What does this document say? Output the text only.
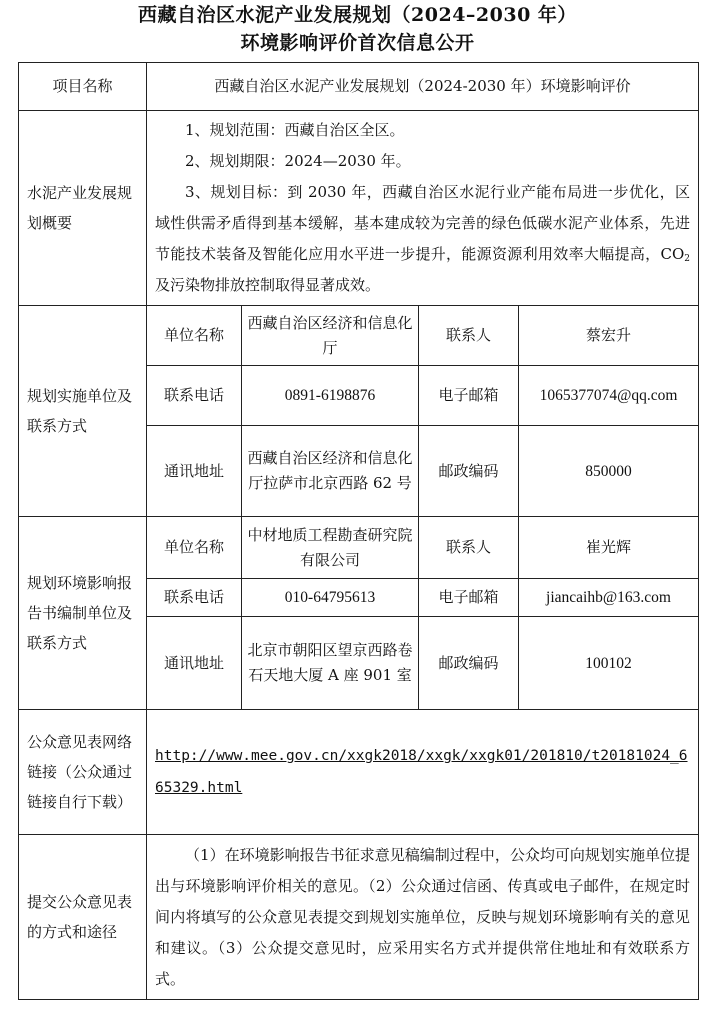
西藏自治区水泥产业发展规划（2024–2030 年）
环境影响评价首次信息公开
项目名称	西藏自治区水泥产业发展规划（2024-2030 年）环境影响评价			
水泥产业发展规划概要	1、规划范围：西藏自治区全区。

2、规划期限：2024—2030 年。

3、规划目标：到 2030 年，西藏自治区水泥行业产能布局进一步优化，区域性供需矛盾得到基本缓解，基本建成较为完善的绿色低碳水泥产业体系，先进节能技术装备及智能化应用水平进一步提升，能源资源利用效率大幅提高，$CO_2$及污染物排放控制取得显著成效。			

规划实施单位及联系方式	单位名称	西藏自治区经济和信息化厅	联系人	蔡宏升
	联系电话	0891-6198876	电子邮箱	1065377074@qq.com
	通讯地址	西藏自治区经济和信息化厅拉萨市北京西路 62 号	邮政编码	850000
规划环境影响报告书编制单位及联系方式	单位名称	中材地质工程勘查研究院有限公司	联系人	崔光辉
	联系电话	010-64795613	电子邮箱	jiancaihb@163.com
	通讯地址	北京市朝阳区望京西路卷石天地大厦 A 座 901 室	邮政编码	100102
公众意见表网络链接（公众通过链接自行下载）	http://www.mee.gov.cn/xxgk2018/xxgk/xxgk01/201810/t20181024_665329.html			
提交公众意见表的方式和途径	（1）在环境影响报告书征求意见稿编制过程中，公众均可向规划实施单位提出与环境影响评价相关的意见。（2）公众通过信函、传真或电子邮件，在规定时间内将填写的公众意见表提交到规划实施单位，反映与规划环境影响有关的意见和建议。（3）公众提交意见时，应采用实名方式并提供常住地址和有效联系方式。			
